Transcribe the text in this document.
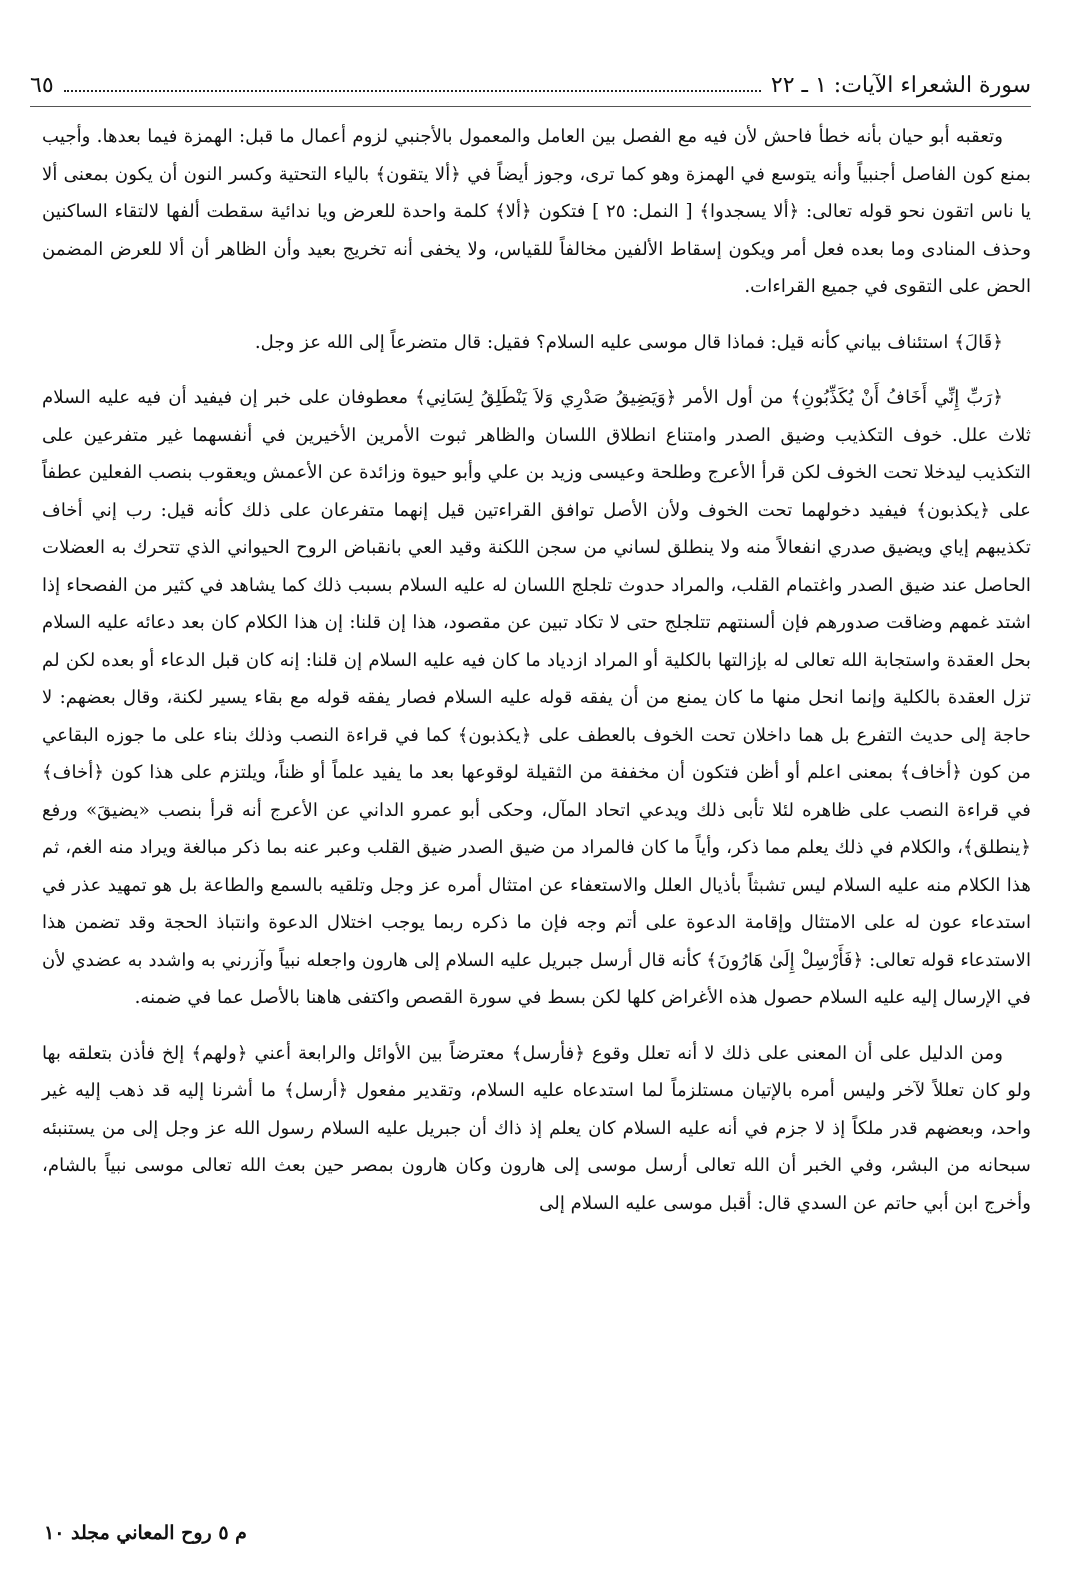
سورة الشعراء الآيات: ١ ـ ٢٢
٦٥

وتعقبه أبو حيان بأنه خطأ فاحش لأن فيه مع الفصل بين العامل والمعمول بالأجنبي لزوم أعمال ما قبل: الهمزة فيما بعدها. وأجيب بمنع كون الفاصل أجنبياً وأنه يتوسع في الهمزة وهو كما ترى، وجوز أيضاً في ﴿ألا يتقون﴾ بالياء التحتية وكسر النون أن يكون بمعنى ألا يا ناس اتقون نحو قوله تعالى: ﴿ألا يسجدوا﴾ [ النمل: ٢٥ ] فتكون ﴿ألا﴾ كلمة واحدة للعرض ويا ندائية سقطت ألفها لالتقاء الساكنين وحذف المنادى وما بعده فعل أمر ويكون إسقاط الألفين مخالفاً للقياس، ولا يخفى أنه تخريج بعيد وأن الظاهر أن ألا للعرض المضمن الحض على التقوى في جميع القراءات.

﴿قَالَ﴾ استئناف بياني كأنه قيل: فماذا قال موسى عليه السلام؟ فقيل: قال متضرعاً إلى الله عز وجل.

﴿رَبِّ إِنِّي أَخَافُ أَنْ يُكَذِّبُونِ﴾ من أول الأمر ﴿وَيَضِيقُ صَدْرِي وَلاَ يَنْطَلِقُ لِسَانِي﴾ معطوفان على خبر إن فيفيد أن فيه عليه السلام ثلاث علل. خوف التكذيب وضيق الصدر وامتناع انطلاق اللسان والظاهر ثبوت الأمرين الأخيرين في أنفسهما غير متفرعين على التكذيب ليدخلا تحت الخوف لكن قرأ الأعرج وطلحة وعيسى وزيد بن علي وأبو حيوة وزائدة عن الأعمش ويعقوب بنصب الفعلين عطفاً على ﴿يكذبون﴾ فيفيد دخولهما تحت الخوف ولأن الأصل توافق القراءتين قيل إنهما متفرعان على ذلك كأنه قيل: رب إني أخاف تكذيبهم إياي ويضيق صدري انفعالاً منه ولا ينطلق لساني من سجن اللكنة وقيد العي بانقباض الروح الحيواني الذي تتحرك به العضلات الحاصل عند ضيق الصدر واغتمام القلب، والمراد حدوث تلجلج اللسان له عليه السلام بسبب ذلك كما يشاهد في كثير من الفصحاء إذا اشتد غمهم وضاقت صدورهم فإن ألسنتهم تتلجلج حتى لا تكاد تبين عن مقصود، هذا إن قلنا: إن هذا الكلام كان بعد دعائه عليه السلام بحل العقدة واستجابة الله تعالى له بإزالتها بالكلية أو المراد ازدياد ما كان فيه عليه السلام إن قلنا: إنه كان قبل الدعاء أو بعده لكن لم تزل العقدة بالكلية وإنما انحل منها ما كان يمنع من أن يفقه قوله عليه السلام فصار يفقه قوله مع بقاء يسير لكنة، وقال بعضهم: لا حاجة إلى حديث التفرع بل هما داخلان تحت الخوف بالعطف على ﴿يكذبون﴾ كما في قراءة النصب وذلك بناء على ما جوزه البقاعي من كون ﴿أخاف﴾ بمعنى اعلم أو أظن فتكون أن مخففة من الثقيلة لوقوعها بعد ما يفيد علماً أو ظناً، ويلتزم على هذا كون ﴿أخاف﴾ في قراءة النصب على ظاهره لئلا تأبى ذلك ويدعي اتحاد المآل، وحكى أبو عمرو الداني عن الأعرج أنه قرأ بنصب «يضيقَ» ورفع ﴿ينطلق﴾، والكلام في ذلك يعلم مما ذكر، وأياً ما كان فالمراد من ضيق الصدر ضيق القلب وعبر عنه بما ذكر مبالغة ويراد منه الغم، ثم هذا الكلام منه عليه السلام ليس تشبثاً بأذيال العلل والاستعفاء عن امتثال أمره عز وجل وتلقيه بالسمع والطاعة بل هو تمهيد عذر في استدعاء عون له على الامتثال وإقامة الدعوة على أتم وجه فإن ما ذكره ربما يوجب اختلال الدعوة وانتباذ الحجة وقد تضمن هذا الاستدعاء قوله تعالى: ﴿فَأَرْسِلْ إِلَىٰ هَارُونَ﴾ كأنه قال أرسل جبريل عليه السلام إلى هارون واجعله نبياً وآزرني به واشدد به عضدي لأن في الإرسال إليه عليه السلام حصول هذه الأغراض كلها لكن بسط في سورة القصص واكتفى هاهنا بالأصل عما في ضمنه.

ومن الدليل على أن المعنى على ذلك لا أنه تعلل وقوع ﴿فأرسل﴾ معترضاً بين الأوائل والرابعة أعني ﴿ولهم﴾ إلخ فأذن بتعلقه بها ولو كان تعللاً لآخر وليس أمره بالإتيان مستلزماً لما استدعاه عليه السلام، وتقدير مفعول ﴿أرسل﴾ ما أشرنا إليه قد ذهب إليه غير واحد، وبعضهم قدر ملكاً إذ لا جزم في أنه عليه السلام كان يعلم إذ ذاك أن جبريل عليه السلام رسول الله عز وجل إلى من يستنبئه سبحانه من البشر، وفي الخبر أن الله تعالى أرسل موسى إلى هارون وكان هارون بمصر حين بعث الله تعالى موسى نبياً بالشام، وأخرج ابن أبي حاتم عن السدي قال: أقبل موسى عليه السلام إلى

م ٥ روح المعاني مجلد ١٠
